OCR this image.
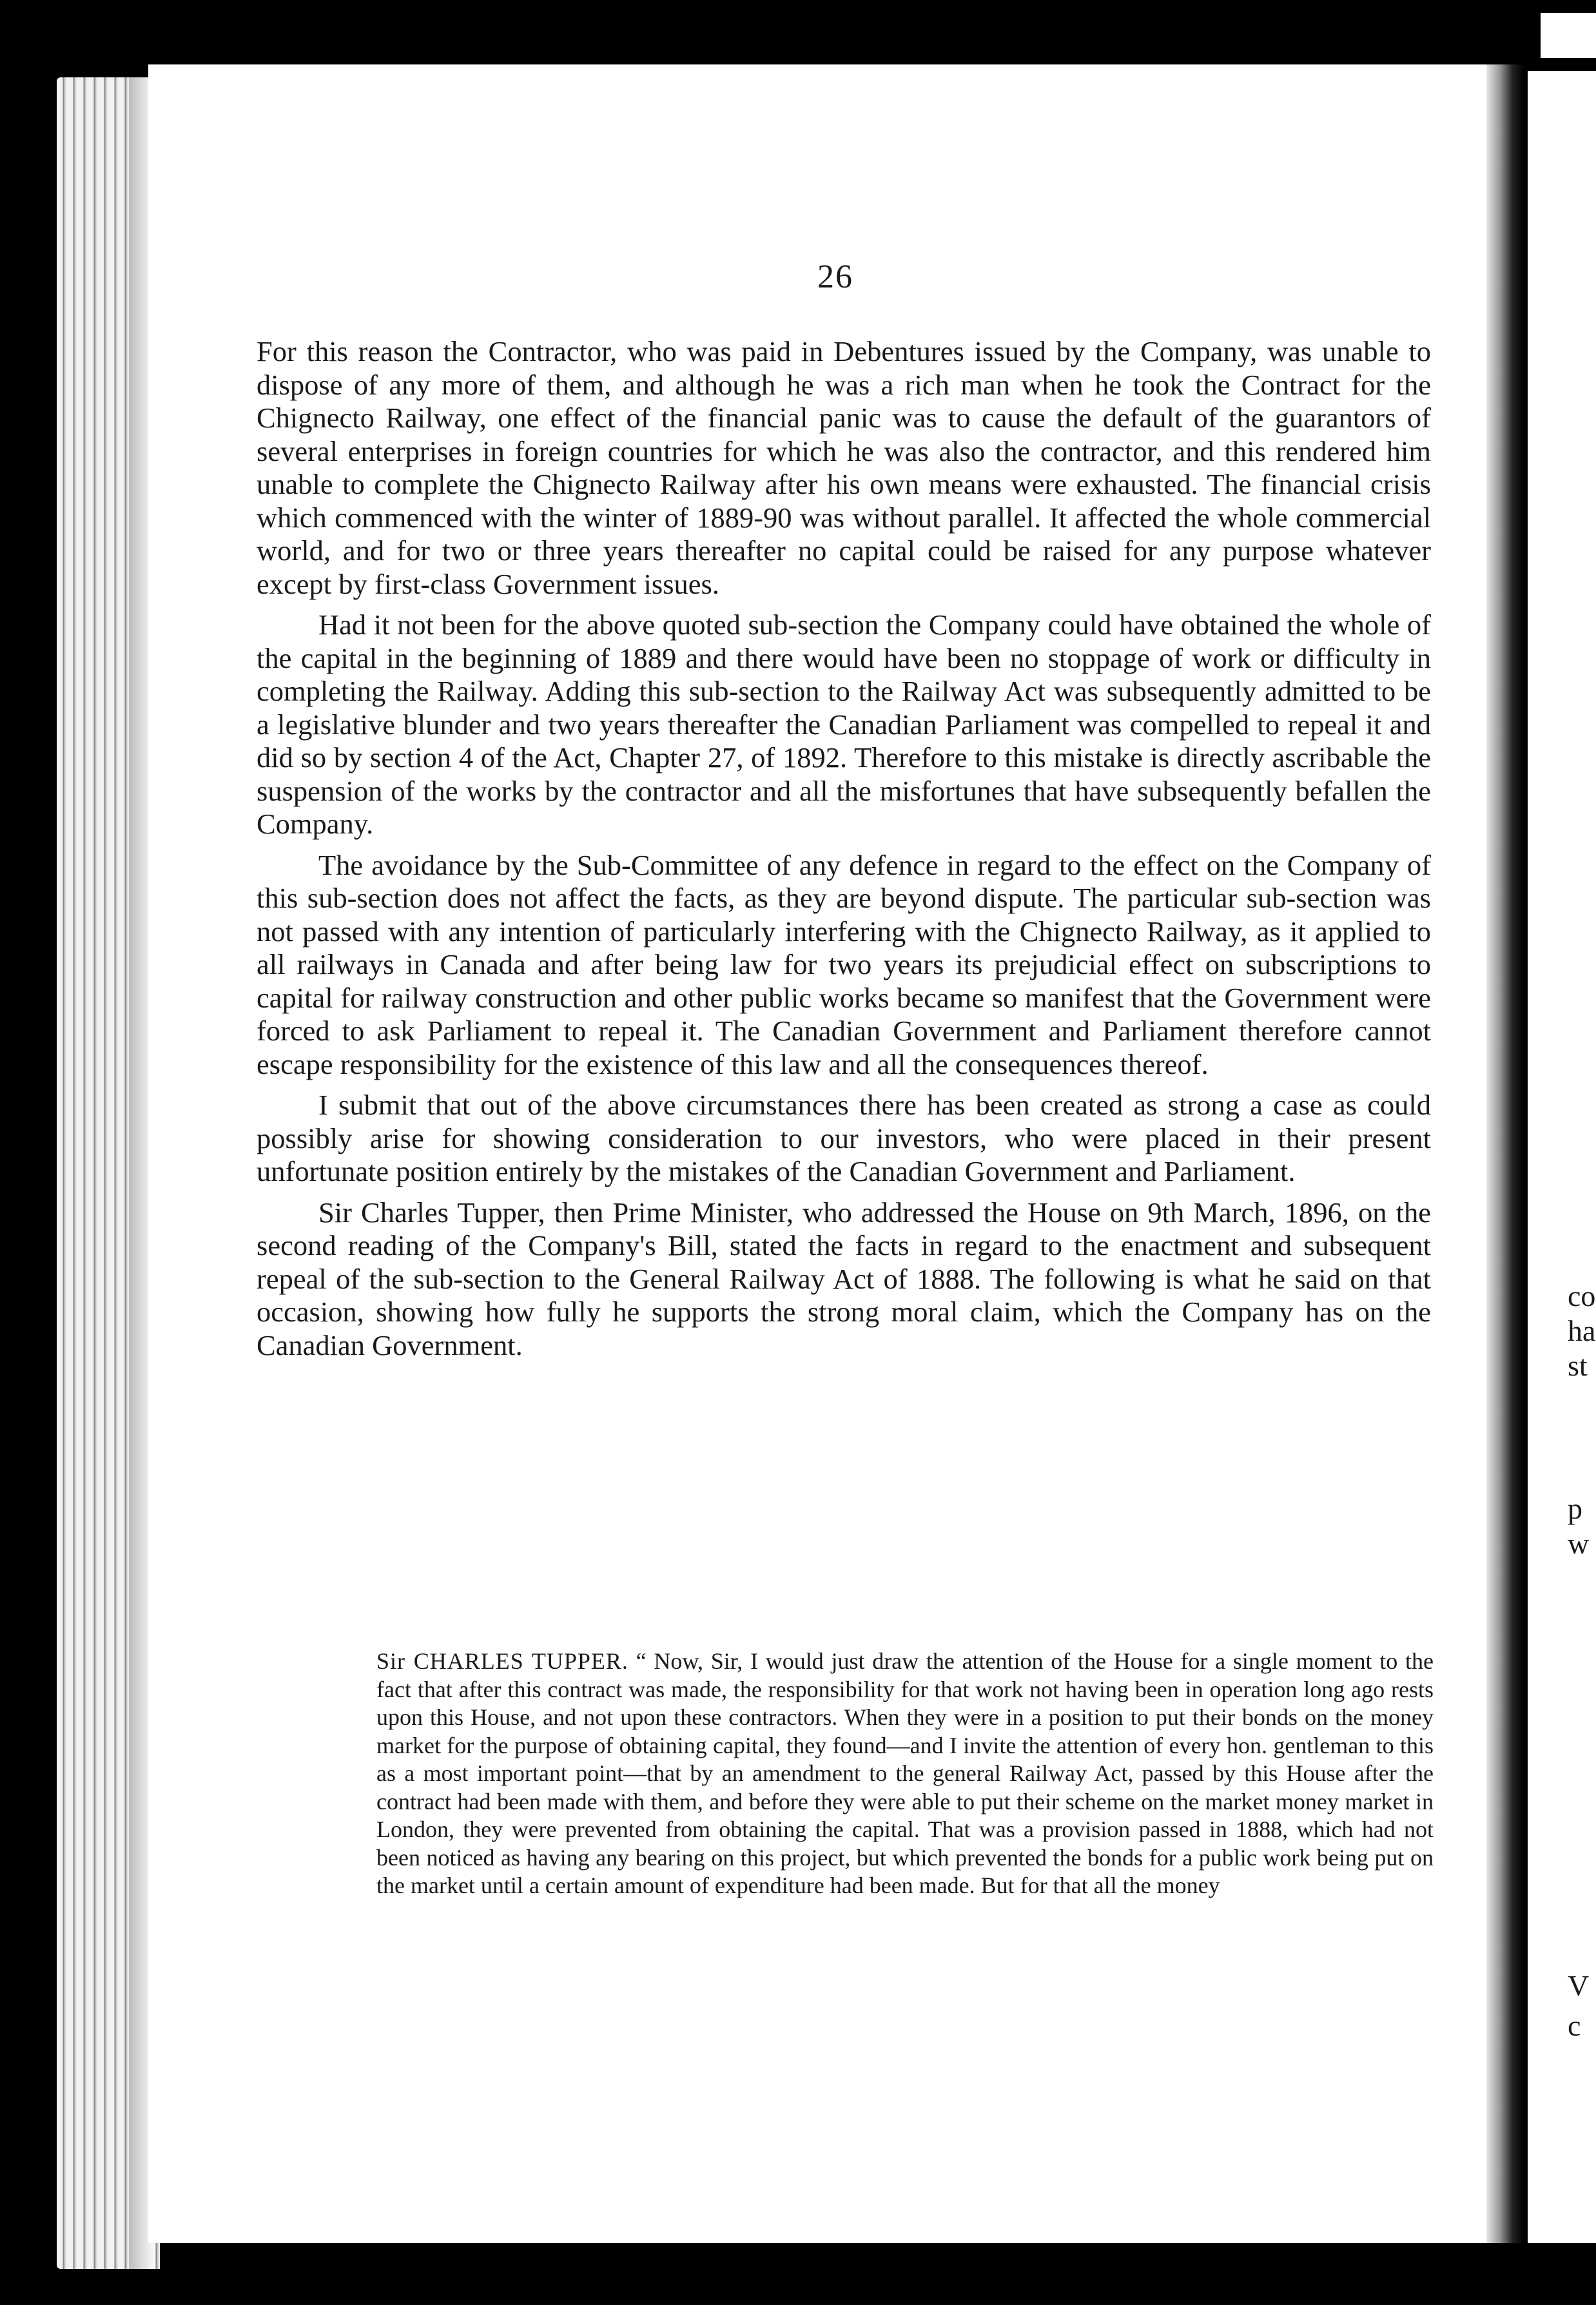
co
ha
st
p
w
V
c
26

For this reason the Contractor, who was paid in Debentures issued by the Company, was unable to dispose of any more of them, and although he was a rich man when he took the Contract for the Chignecto Railway, one effect of the financial panic was to cause the default of the guarantors of several enterprises in foreign countries for which he was also the contractor, and this rendered him unable to complete the Chignecto Railway after his own means were exhausted. The financial crisis which commenced with the winter of 1889-90 was without parallel. It affected the whole commercial world, and for two or three years thereafter no capital could be raised for any purpose whatever except by first-class Government issues.

Had it not been for the above quoted sub-section the Company could have obtained the whole of the capital in the beginning of 1889 and there would have been no stoppage of work or difficulty in completing the Railway. Adding this sub-section to the Railway Act was subsequently admitted to be a legislative blunder and two years thereafter the Canadian Parliament was compelled to repeal it and did so by section 4 of the Act, Chapter 27, of 1892. Therefore to this mistake is directly ascribable the suspension of the works by the contractor and all the misfortunes that have subsequently befallen the Company.

The avoidance by the Sub-Committee of any defence in regard to the effect on the Company of this sub-section does not affect the facts, as they are beyond dispute. The particular sub-section was not passed with any intention of particularly interfering with the Chignecto Railway, as it applied to all railways in Canada and after being law for two years its prejudicial effect on subscriptions to capital for railway construction and other public works became so manifest that the Government were forced to ask Parliament to repeal it. The Canadian Government and Parliament therefore cannot escape responsibility for the existence of this law and all the consequences thereof.

I submit that out of the above circumstances there has been created as strong a case as could possibly arise for showing consideration to our investors, who were placed in their present unfortunate position entirely by the mistakes of the Canadian Government and Parliament.

Sir Charles Tupper, then Prime Minister, who addressed the House on 9th March, 1896, on the second reading of the Company's Bill, stated the facts in regard to the enactment and subsequent repeal of the sub-section to the General Railway Act of 1888. The following is what he said on that occasion, showing how fully he supports the strong moral claim, which the Company has on the Canadian Government.

Sir CHARLES TUPPER. “ Now, Sir, I would just draw the attention of the House for a single moment to the fact that after this contract was made, the responsibility for that work not having been in operation long ago rests upon this House, and not upon these contractors. When they were in a position to put their bonds on the money market for the purpose of obtaining capital, they found—and I invite the attention of every hon. gentleman to this as a most important point—that by an amendment to the general Railway Act, passed by this House after the contract had been made with them, and before they were able to put their scheme on the market money market in London, they were prevented from obtaining the capital. That was a provision passed in 1888, which had not been noticed as having any bearing on this project, but which prevented the bonds for a public work being put on the market until a certain amount of expenditure had been made. But for that all the money
